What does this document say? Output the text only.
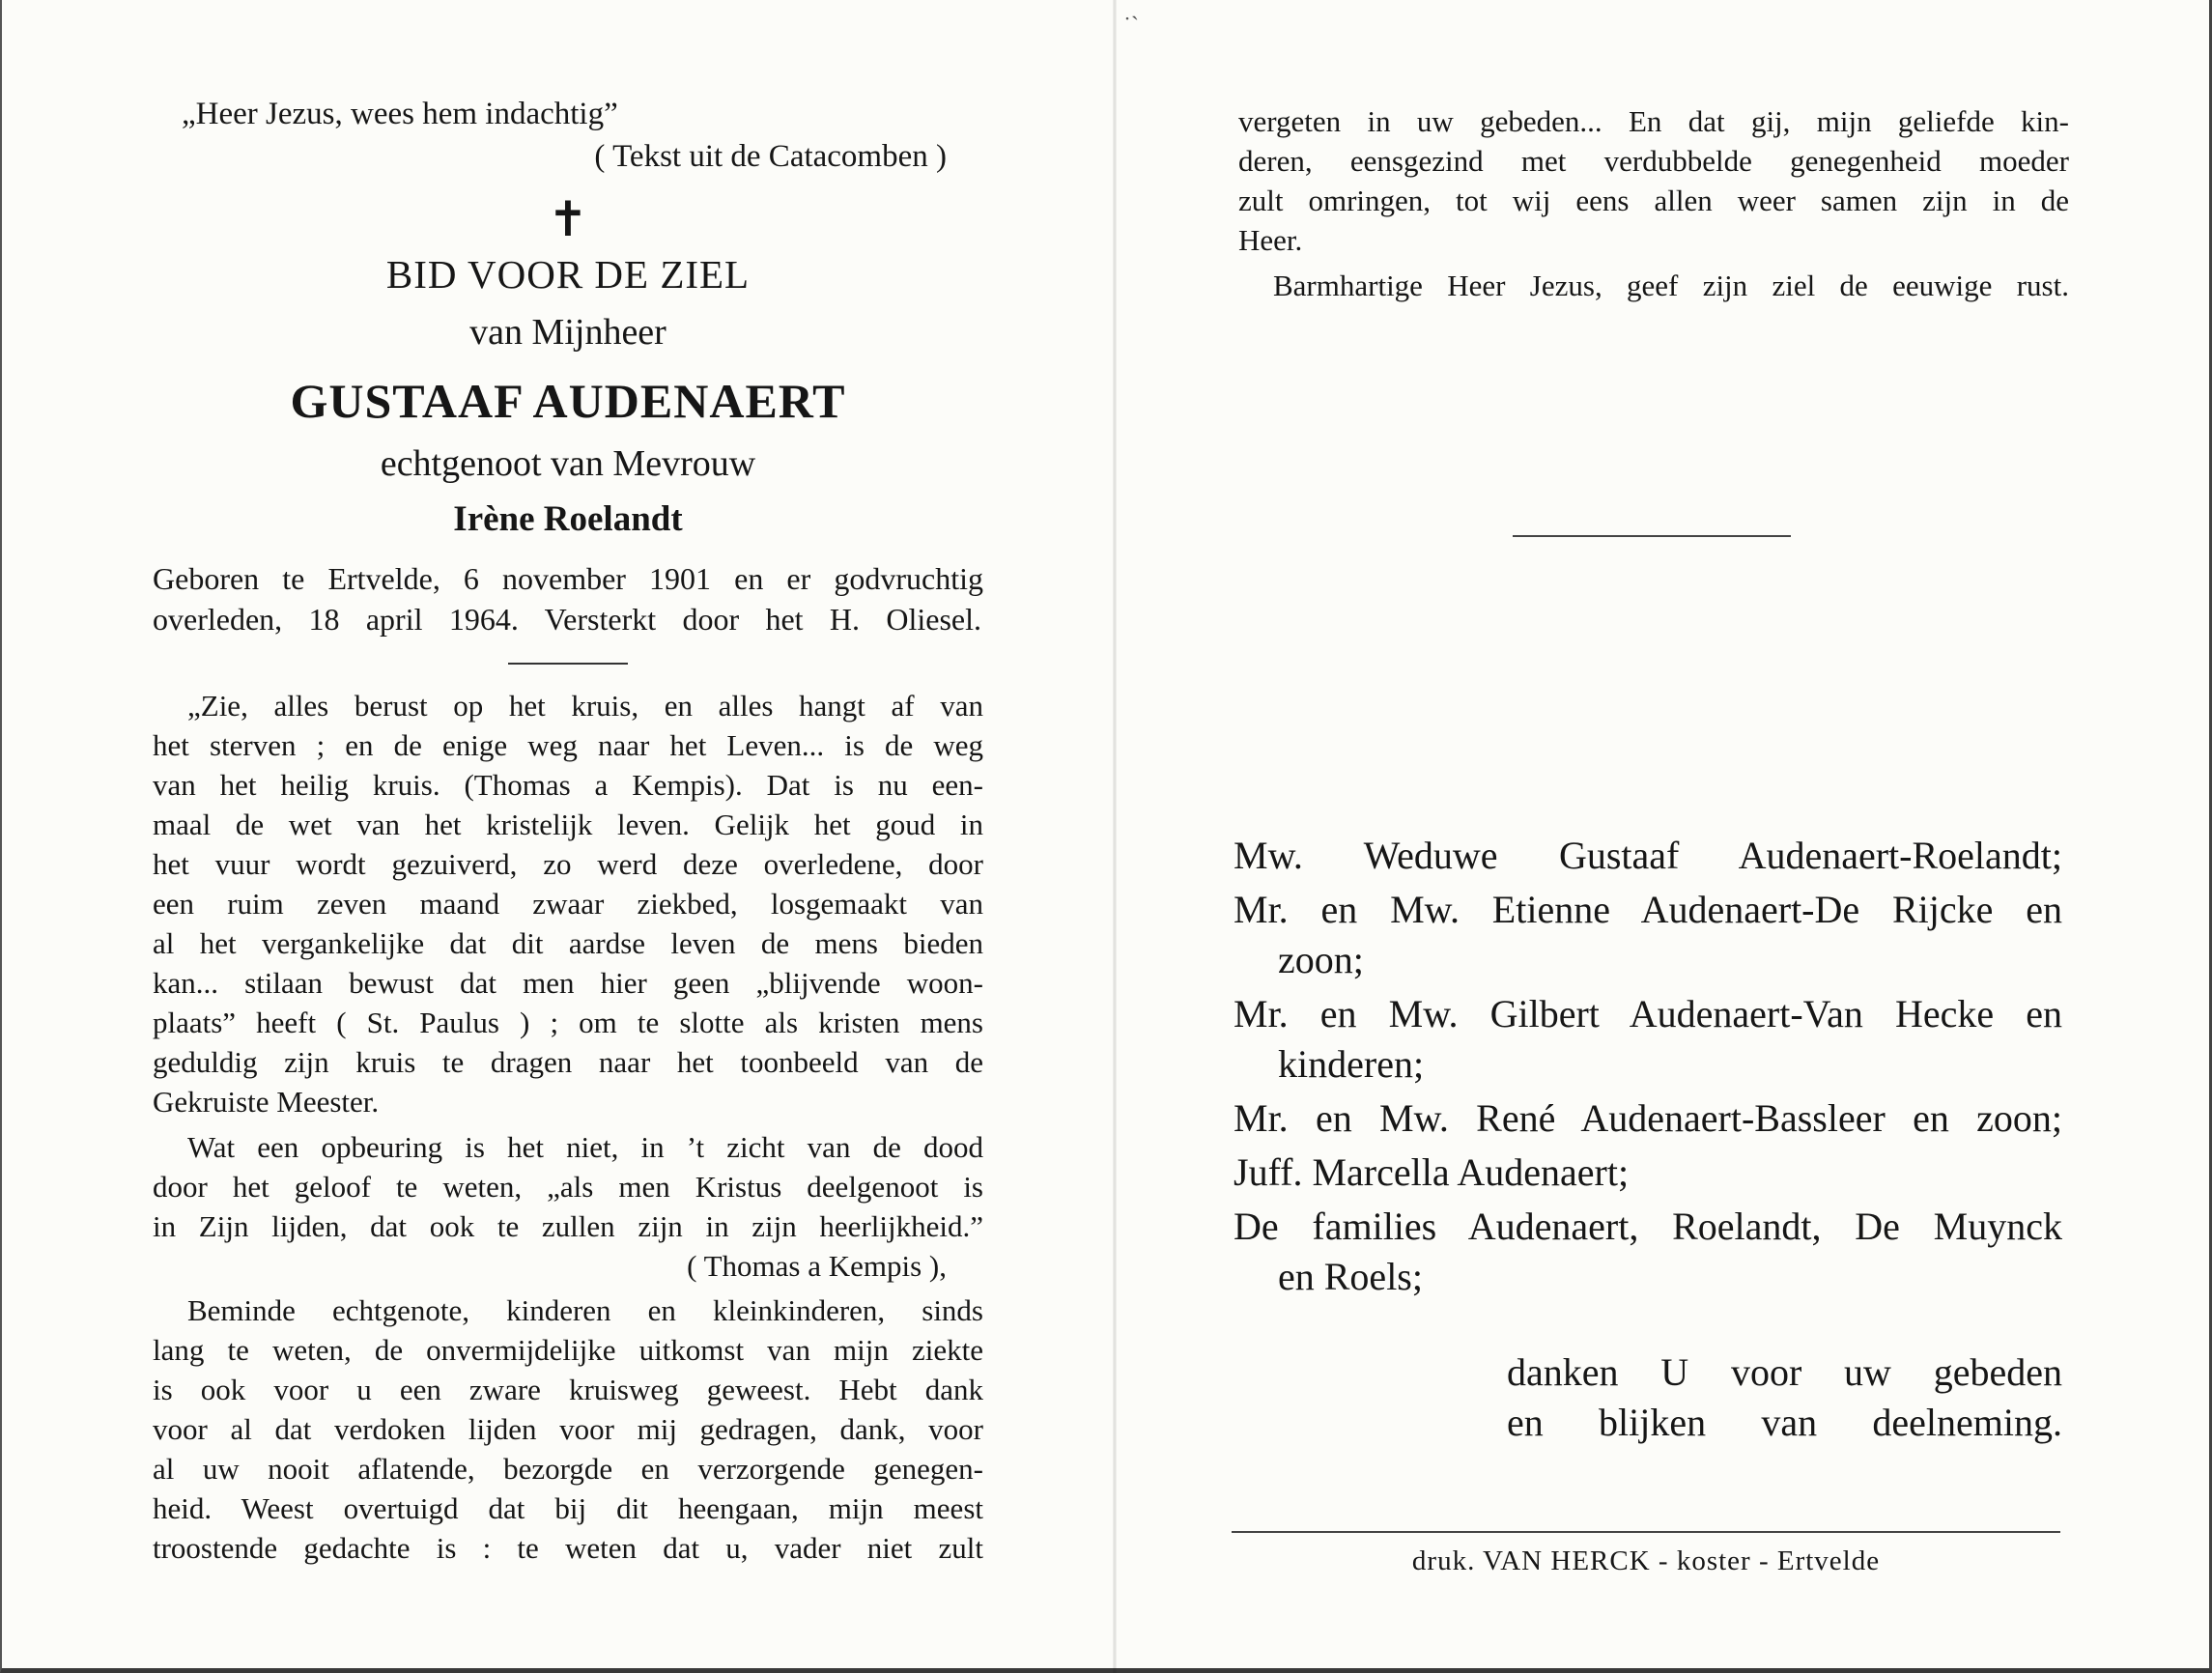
˙ˋ
„Heer Jezus, wees hem indachtig”
( Tekst uit de Catacomben )
✝
BID VOOR DE ZIEL
van Mijnheer
GUSTAAF AUDENAERT
echtgenoot van Mevrouw
Irène Roelandt
Geboren te Ertvelde, 6 november 1901 en er godvruchtig
overleden, 18 april 1964. Versterkt door het H. Oliesel.
„Zie, alles berust op het kruis, en alles hangt af van
het sterven ; en de enige weg naar het Leven... is de weg
van het heilig kruis. (Thomas a Kempis). Dat is nu een-
maal de wet van het kristelijk leven. Gelijk het goud in
het vuur wordt gezuiverd, zo werd deze overledene, door
een ruim zeven maand zwaar ziekbed, losgemaakt van
al het vergankelijke dat dit aardse leven de mens bieden
kan... stilaan bewust dat men hier geen „blijvende woon-
plaats” heeft ( St. Paulus ) ; om te slotte als kristen mens
geduldig zijn kruis te dragen naar het toonbeeld van de
Gekruiste Meester.
Wat een opbeuring is het niet, in ’t zicht van de dood
door het geloof te weten, „als men Kristus deelgenoot is
in Zijn lijden, dat ook te zullen zijn in zijn heerlijkheid.”
( Thomas a Kempis ),
Beminde echtgenote, kinderen en kleinkinderen, sinds
lang te weten, de onvermijdelijke uitkomst van mijn ziekte
is ook voor u een zware kruisweg geweest. Hebt dank
voor al dat verdoken lijden voor mij gedragen, dank, voor
al uw nooit aflatende, bezorgde en verzorgende genegen-
heid. Weest overtuigd dat bij dit heengaan, mijn meest
troostende gedachte is : te weten dat u, vader niet zult
vergeten in uw gebeden... En dat gij, mijn geliefde kin-
deren, eensgezind met verdubbelde genegenheid moeder
zult omringen, tot wij eens allen weer samen zijn in de
Heer.
Barmhartige Heer Jezus, geef zijn ziel de eeuwige rust.
Mw. Weduwe Gustaaf Audenaert-Roelandt;
Mr. en Mw. Etienne Audenaert-De Rijcke en
zoon;
Mr. en Mw. Gilbert Audenaert-Van Hecke en
kinderen;
Mr. en Mw. René Audenaert-Bassleer en zoon;
Juff. Marcella Audenaert;
De families Audenaert, Roelandt, De Muynck
en Roels;
danken U voor uw gebeden
en blijken van deelneming.
druk. VAN HERCK - koster - Ertvelde
